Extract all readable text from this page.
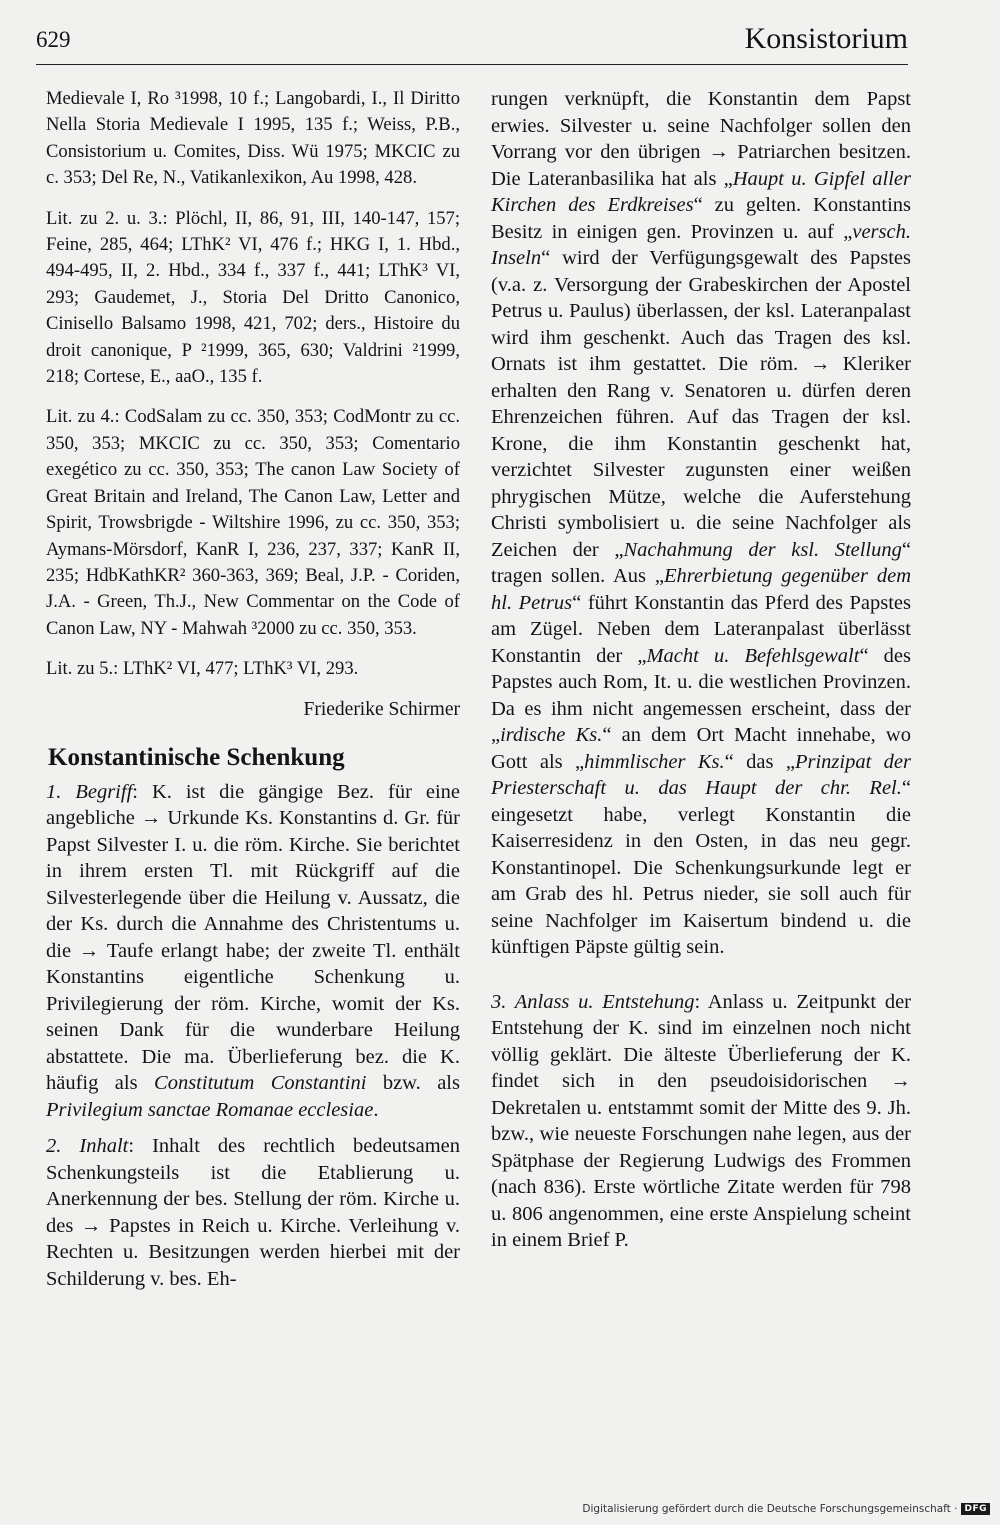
629	Konsistorium

Medievale I, Ro ³1998, 10 f.; Langobardi, I., Il Diritto Nella Storia Medievale I 1995, 135 f.; Weiss, P.B., Consistorium u. Comites, Diss. Wü 1975; MKCIC zu c. 353; Del Re, N., Vatikanlexikon, Au 1998, 428.

Lit. zu 2. u. 3.: Plöchl, II, 86, 91, III, 140-147, 157; Feine, 285, 464; LThK² VI, 476 f.; HKG I, 1. Hbd., 494-495, II, 2. Hbd., 334 f., 337 f., 441; LThK³ VI, 293; Gaudemet, J., Storia Del Dritto Canonico, Cinisello Balsamo 1998, 421, 702; ders., Histoire du droit canonique, P ²1999, 365, 630; Valdrini ²1999, 218; Cortese, E., aaO., 135 f.

Lit. zu 4.: CodSalam zu cc. 350, 353; CodMontr zu cc. 350, 353; MKCIC zu cc. 350, 353; Comentario exegético zu cc. 350, 353; The canon Law Society of Great Britain and Ireland, The Canon Law, Letter and Spirit, Trowsbrigde - Wiltshire 1996, zu cc. 350, 353; Aymans-Mörsdorf, KanR I, 236, 237, 337; KanR II, 235; HdbKathKR² 360-363, 369; Beal, J.P. - Coriden, J.A. - Green, Th.J., New Commentar on the Code of Canon Law, NY - Mahwah ³2000 zu cc. 350, 353.

Lit. zu 5.: LThK² VI, 477; LThK³ VI, 293.

Friederike Schirmer

Konstantinische Schenkung

1. Begriff: K. ist die gängige Bez. für eine angebliche → Urkunde Ks. Konstantins d. Gr. für Papst Silvester I. u. die röm. Kirche. Sie berichtet in ihrem ersten Tl. mit Rückgriff auf die Silvesterlegende über die Heilung v. Aussatz, die der Ks. durch die Annahme des Christentums u. die → Taufe erlangt habe; der zweite Tl. enthält Konstantins eigentliche Schenkung u. Privilegierung der röm. Kirche, womit der Ks. seinen Dank für die wunderbare Heilung abstattete. Die ma. Überlieferung bez. die K. häufig als Constitutum Constantini bzw. als Privilegium sanctae Romanae ecclesiae.

2. Inhalt: Inhalt des rechtlich bedeutsamen Schenkungsteils ist die Etablierung u. Anerkennung der bes. Stellung der röm. Kirche u. des → Papstes in Reich u. Kirche. Verleihung v. Rechten u. Besitzungen werden hierbei mit der Schilderung v. bes. Eh-

rungen verknüpft, die Konstantin dem Papst erwies. Silvester u. seine Nachfolger sollen den Vorrang vor den übrigen → Patriarchen besitzen. Die Lateranbasilika hat als „Haupt u. Gipfel aller Kirchen des Erdkreises“ zu gelten. Konstantins Besitz in einigen gen. Provinzen u. auf „versch. Inseln“ wird der Verfügungsgewalt des Papstes (v.a. z. Versorgung der Grabeskirchen der Apostel Petrus u. Paulus) überlassen, der ksl. Lateranpalast wird ihm geschenkt. Auch das Tragen des ksl. Ornats ist ihm gestattet. Die röm. → Kleriker erhalten den Rang v. Senatoren u. dürfen deren Ehrenzeichen führen. Auf das Tragen der ksl. Krone, die ihm Konstantin geschenkt hat, verzichtet Silvester zugunsten einer weißen phrygischen Mütze, welche die Auferstehung Christi symbolisiert u. die seine Nachfolger als Zeichen der „Nachahmung der ksl. Stellung“ tragen sollen. Aus „Ehrerbietung gegenüber dem hl. Petrus“ führt Konstantin das Pferd des Papstes am Zügel. Neben dem Lateranpalast überlässt Konstantin der „Macht u. Befehlsgewalt“ des Papstes auch Rom, It. u. die westlichen Provinzen. Da es ihm nicht angemessen erscheint, dass der „irdische Ks.“ an dem Ort Macht innehabe, wo Gott als „himmlischer Ks.“ das „Prinzipat der Priesterschaft u. das Haupt der chr. Rel.“ eingesetzt habe, verlegt Konstantin die Kaiserresidenz in den Osten, in das neu gegr. Konstantinopel. Die Schenkungsurkunde legt er am Grab des hl. Petrus nieder, sie soll auch für seine Nachfolger im Kaisertum bindend u. die künftigen Päpste gültig sein.

3. Anlass u. Entstehung: Anlass u. Zeitpunkt der Entstehung der K. sind im einzelnen noch nicht völlig geklärt. Die älteste Überlieferung der K. findet sich in den pseudoisidorischen → Dekretalen u. entstammt somit der Mitte des 9. Jh. bzw., wie neueste Forschungen nahe legen, aus der Spätphase der Regierung Ludwigs des Frommen (nach 836). Erste wörtliche Zitate werden für 798 u. 806 angenommen, eine erste Anspielung scheint in einem Brief P.

Digitalisierung gefördert durch die Deutsche Forschungsgemeinschaft · DFG
